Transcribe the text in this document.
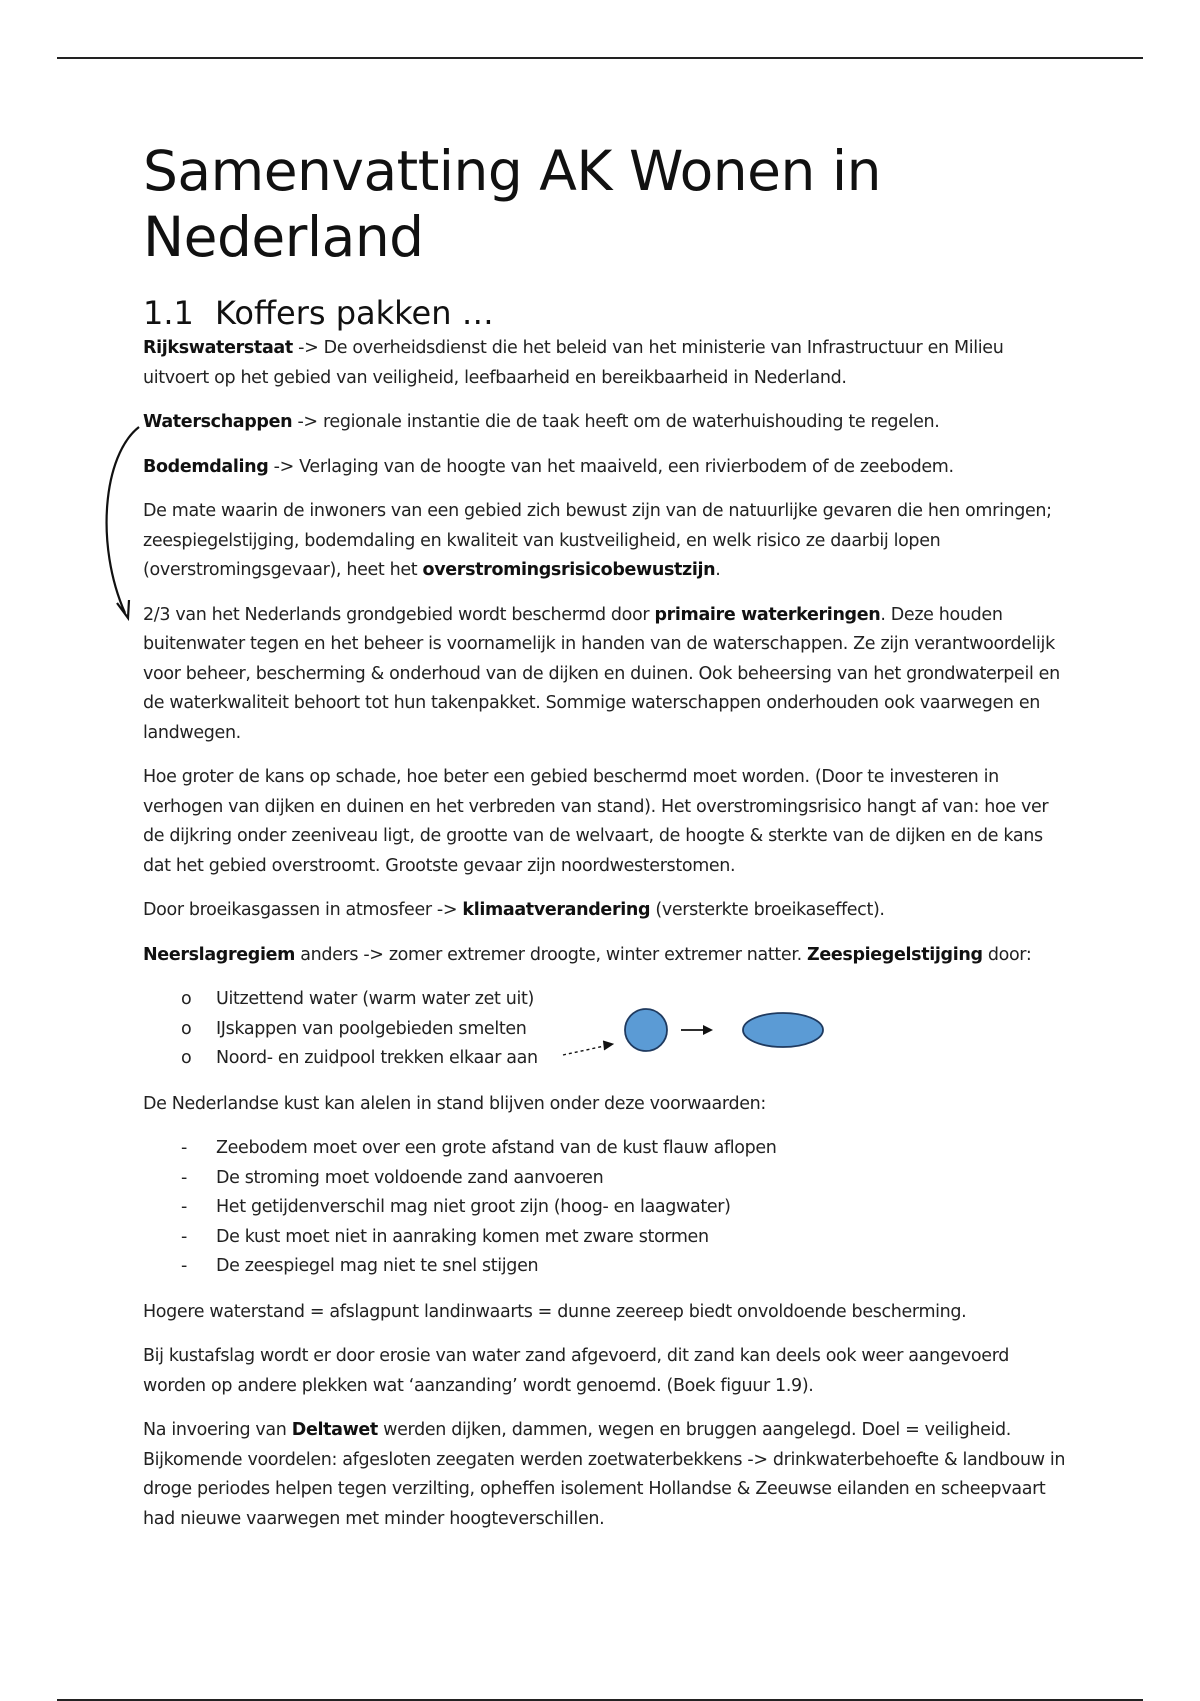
Samenvatting AK Wonen in Nederland
1.1 Koffers pakken …

Rijkswaterstaat -> De overheidsdienst die het beleid van het ministerie van Infrastructuur en Milieu uitvoert op het gebied van veiligheid, leefbaarheid en bereikbaarheid in Nederland.

Waterschappen -> regionale instantie die de taak heeft om de waterhuishouding te regelen.

Bodemdaling -> Verlaging van de hoogte van het maaiveld, een rivierbodem of de zeebodem.

De mate waarin de inwoners van een gebied zich bewust zijn van de natuurlijke gevaren die hen omringen; zeespiegelstijging, bodemdaling en kwaliteit van kustveiligheid, en welk risico ze daarbij lopen (overstromingsgevaar), heet het overstromingsrisicobewustzijn.

2/3 van het Nederlands grondgebied wordt beschermd door primaire waterkeringen. Deze houden buitenwater tegen en het beheer is voornamelijk in handen van de waterschappen. Ze zijn verantwoordelijk voor beheer, bescherming & onderhoud van de dijken en duinen. Ook beheersing van het grondwaterpeil en de waterkwaliteit behoort tot hun takenpakket. Sommige waterschappen onderhouden ook vaarwegen en landwegen.

Hoe groter de kans op schade, hoe beter een gebied beschermd moet worden. (Door te investeren in verhogen van dijken en duinen en het verbreden van stand). Het overstromingsrisico hangt af van: hoe ver de dijkring onder zeeniveau ligt, de grootte van de welvaart, de hoogte & sterkte van de dijken en de kans dat het gebied overstroomt. Grootste gevaar zijn noordwesterstomen.

Door broeikasgassen in atmosfeer -> klimaatverandering (versterkte broeikaseffect).

Neerslagregiem anders -> zomer extremer droogte, winter extremer natter. Zeespiegelstijging door:

o Uitzettend water (warm water zet uit)
o IJskappen van poolgebieden smelten
o Noord- en zuidpool trekken elkaar aan

De Nederlandse kust kan alelen in stand blijven onder deze voorwaarden:

- Zeebodem moet over een grote afstand van de kust flauw aflopen
- De stroming moet voldoende zand aanvoeren
- Het getijdenverschil mag niet groot zijn (hoog- en laagwater)
- De kust moet niet in aanraking komen met zware stormen
- De zeespiegel mag niet te snel stijgen

Hogere waterstand = afslagpunt landinwaarts = dunne zeereep biedt onvoldoende bescherming.

Bij kustafslag wordt er door erosie van water zand afgevoerd, dit zand kan deels ook weer aangevoerd worden op andere plekken wat ‘aanzanding’ wordt genoemd. (Boek figuur 1.9).

Na invoering van Deltawet werden dijken, dammen, wegen en bruggen aangelegd. Doel = veiligheid. Bijkomende voordelen: afgesloten zeegaten werden zoetwaterbekkens -> drinkwaterbehoefte & landbouw in droge periodes helpen tegen verzilting, opheffen isolement Hollandse & Zeeuwse eilanden en scheepvaart had nieuwe vaarwegen met minder hoogteverschillen.
